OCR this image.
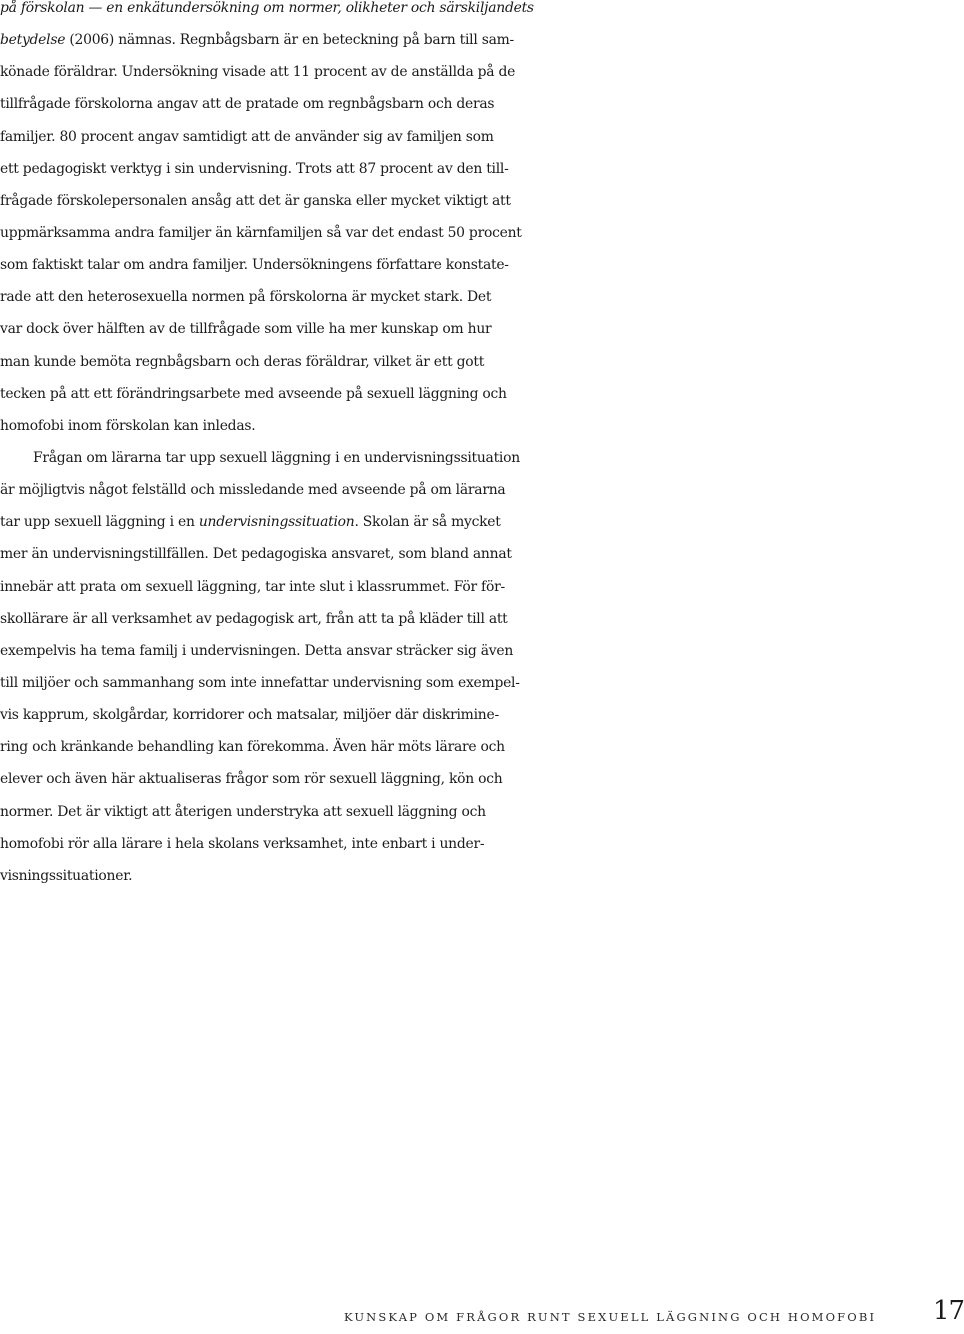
på förskolan — en enkätundersökning om normer, olikheter och särskiljandets
betydelse (2006) nämnas. Regnbågsbarn är en beteckning på barn till sam-
könade föräldrar. Undersökning visade att 11 procent av de anställda på de
tillfrågade förskolorna angav att de pratade om regnbågsbarn och deras
familjer. 80 procent angav samtidigt att de använder sig av familjen som
ett pedagogiskt verktyg i sin undervisning. Trots att 87 procent av den till-
frågade förskolepersonalen ansåg att det är ganska eller mycket viktigt att
uppmärksamma andra familjer än kärnfamiljen så var det endast 50 procent
som faktiskt talar om andra familjer. Undersökningens författare konstate-
rade att den heterosexuella normen på förskolorna är mycket stark. Det
var dock över hälften av de tillfrågade som ville ha mer kunskap om hur
man kunde bemöta regnbågsbarn och deras föräldrar, vilket är ett gott
tecken på att ett förändringsarbete med avseende på sexuell läggning och
homofobi inom förskolan kan inledas.
Frågan om lärarna tar upp sexuell läggning i en undervisningssituation
är möjligtvis något felställd och missledande med avseende på om lärarna
tar upp sexuell läggning i en undervisningssituation. Skolan är så mycket
mer än undervisningstillfällen. Det pedagogiska ansvaret, som bland annat
innebär att prata om sexuell läggning, tar inte slut i klassrummet. För för-
skollärare är all verksamhet av pedagogisk art, från att ta på kläder till att
exempelvis ha tema familj i undervisningen. Detta ansvar sträcker sig även
till miljöer och sammanhang som inte innefattar undervisning som exempel-
vis kapprum, skolgårdar, korridorer och matsalar, miljöer där diskrimine-
ring och kränkande behandling kan förekomma. Även här möts lärare och
elever och även här aktualiseras frågor som rör sexuell läggning, kön och
normer. Det är viktigt att återigen understryka att sexuell läggning och
homofobi rör alla lärare i hela skolans verksamhet, inte enbart i under-
visningssituationer.
KUNSKAP OM FRÅGOR RUNT SEXUELL LÄGGNING OCH HOMOFOBI 17
